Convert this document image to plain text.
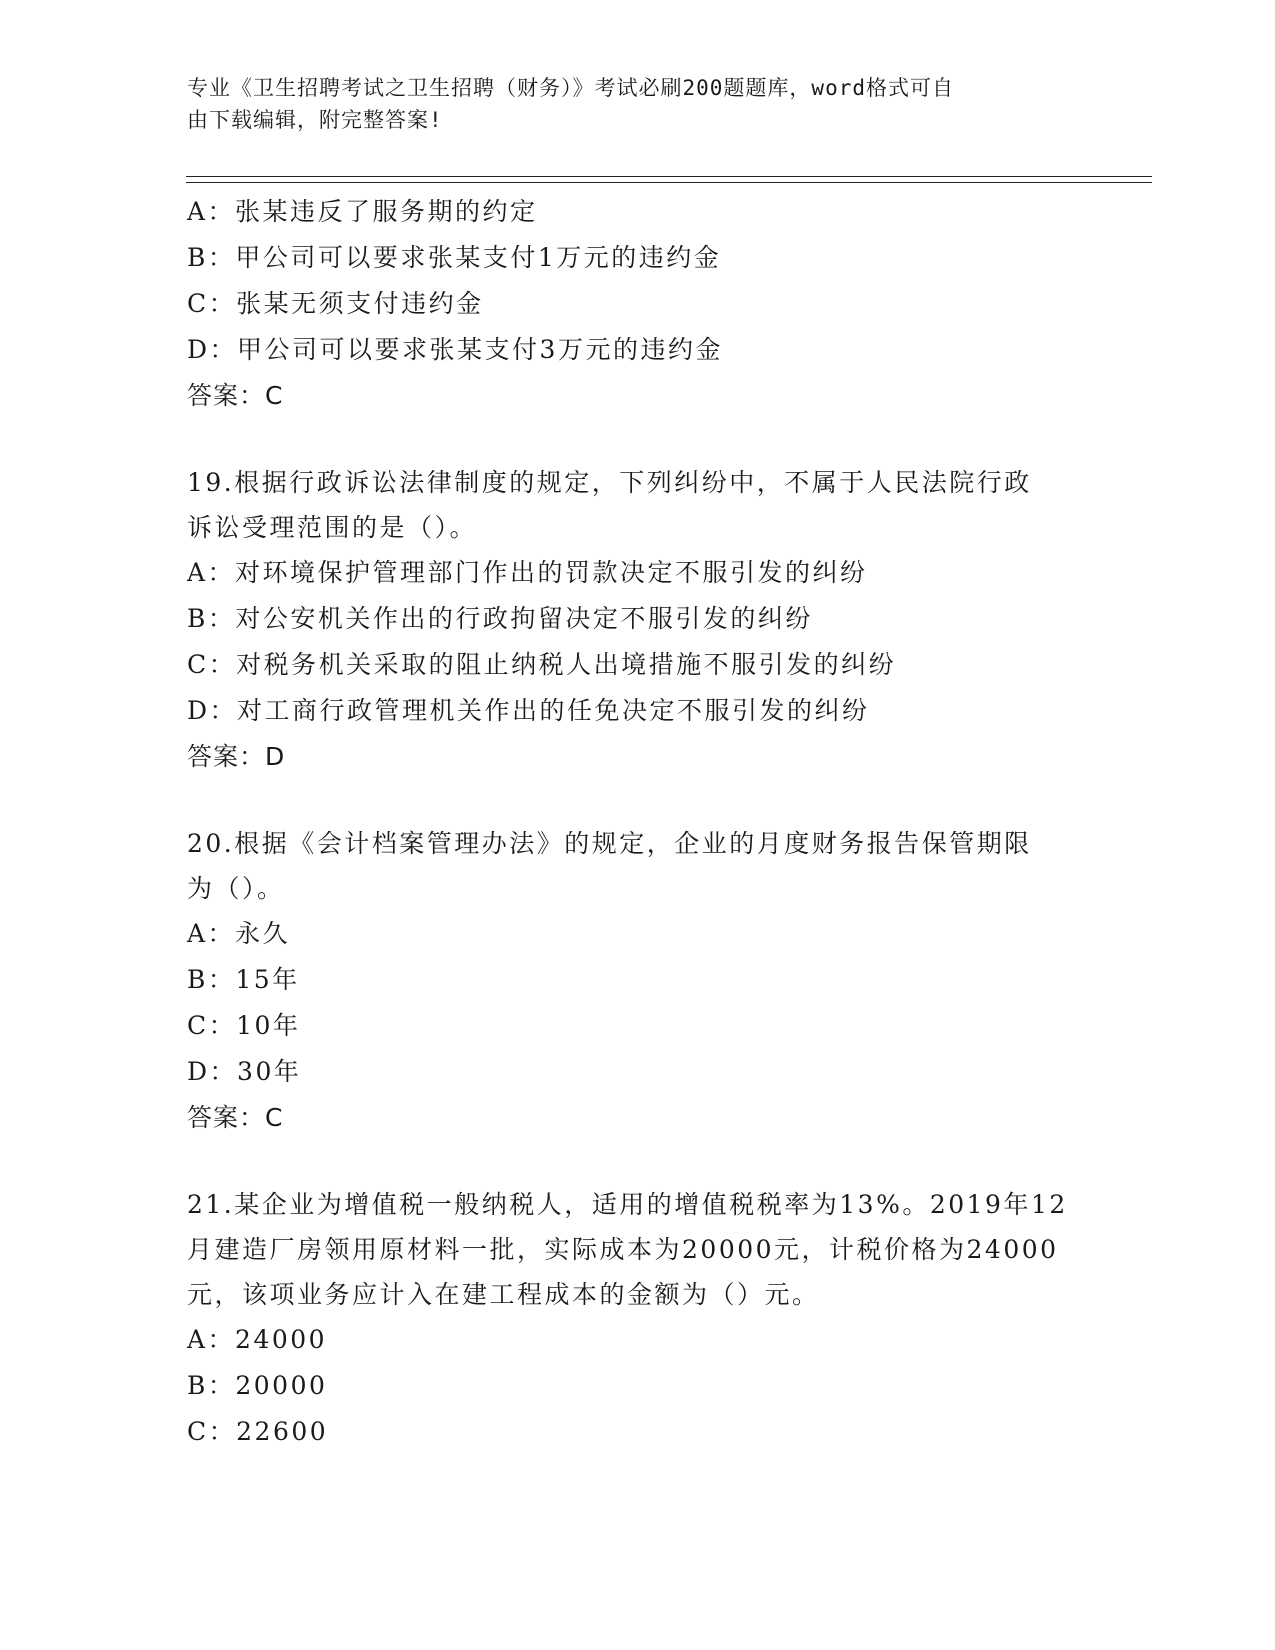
专业《卫生招聘考试之卫生招聘（财务）》考试必刷200题题库，word格式可自
由下载编辑，附完整答案!
A：张某违反了服务期的约定
B：甲公司可以要求张某支付1万元的违约金
C：张某无须支付违约金
D：甲公司可以要求张某支付3万元的违约金
答案：C
19.根据行政诉讼法律制度的规定，下列纠纷中，不属于人民法院行政
诉讼受理范围的是（）。
A：对环境保护管理部门作出的罚款决定不服引发的纠纷
B：对公安机关作出的行政拘留决定不服引发的纠纷
C：对税务机关采取的阻止纳税人出境措施不服引发的纠纷
D：对工商行政管理机关作出的任免决定不服引发的纠纷
答案：D
20.根据《会计档案管理办法》的规定，企业的月度财务报告保管期限
为（）。
A：永久
B：15年
C：10年
D：30年
答案：C
21.某企业为增值税一般纳税人，适用的增值税税率为13%。2019年12
月建造厂房领用原材料一批，实际成本为20000元，计税价格为24000
元，该项业务应计入在建工程成本的金额为（）元。
A：24000
B：20000
C：22600
